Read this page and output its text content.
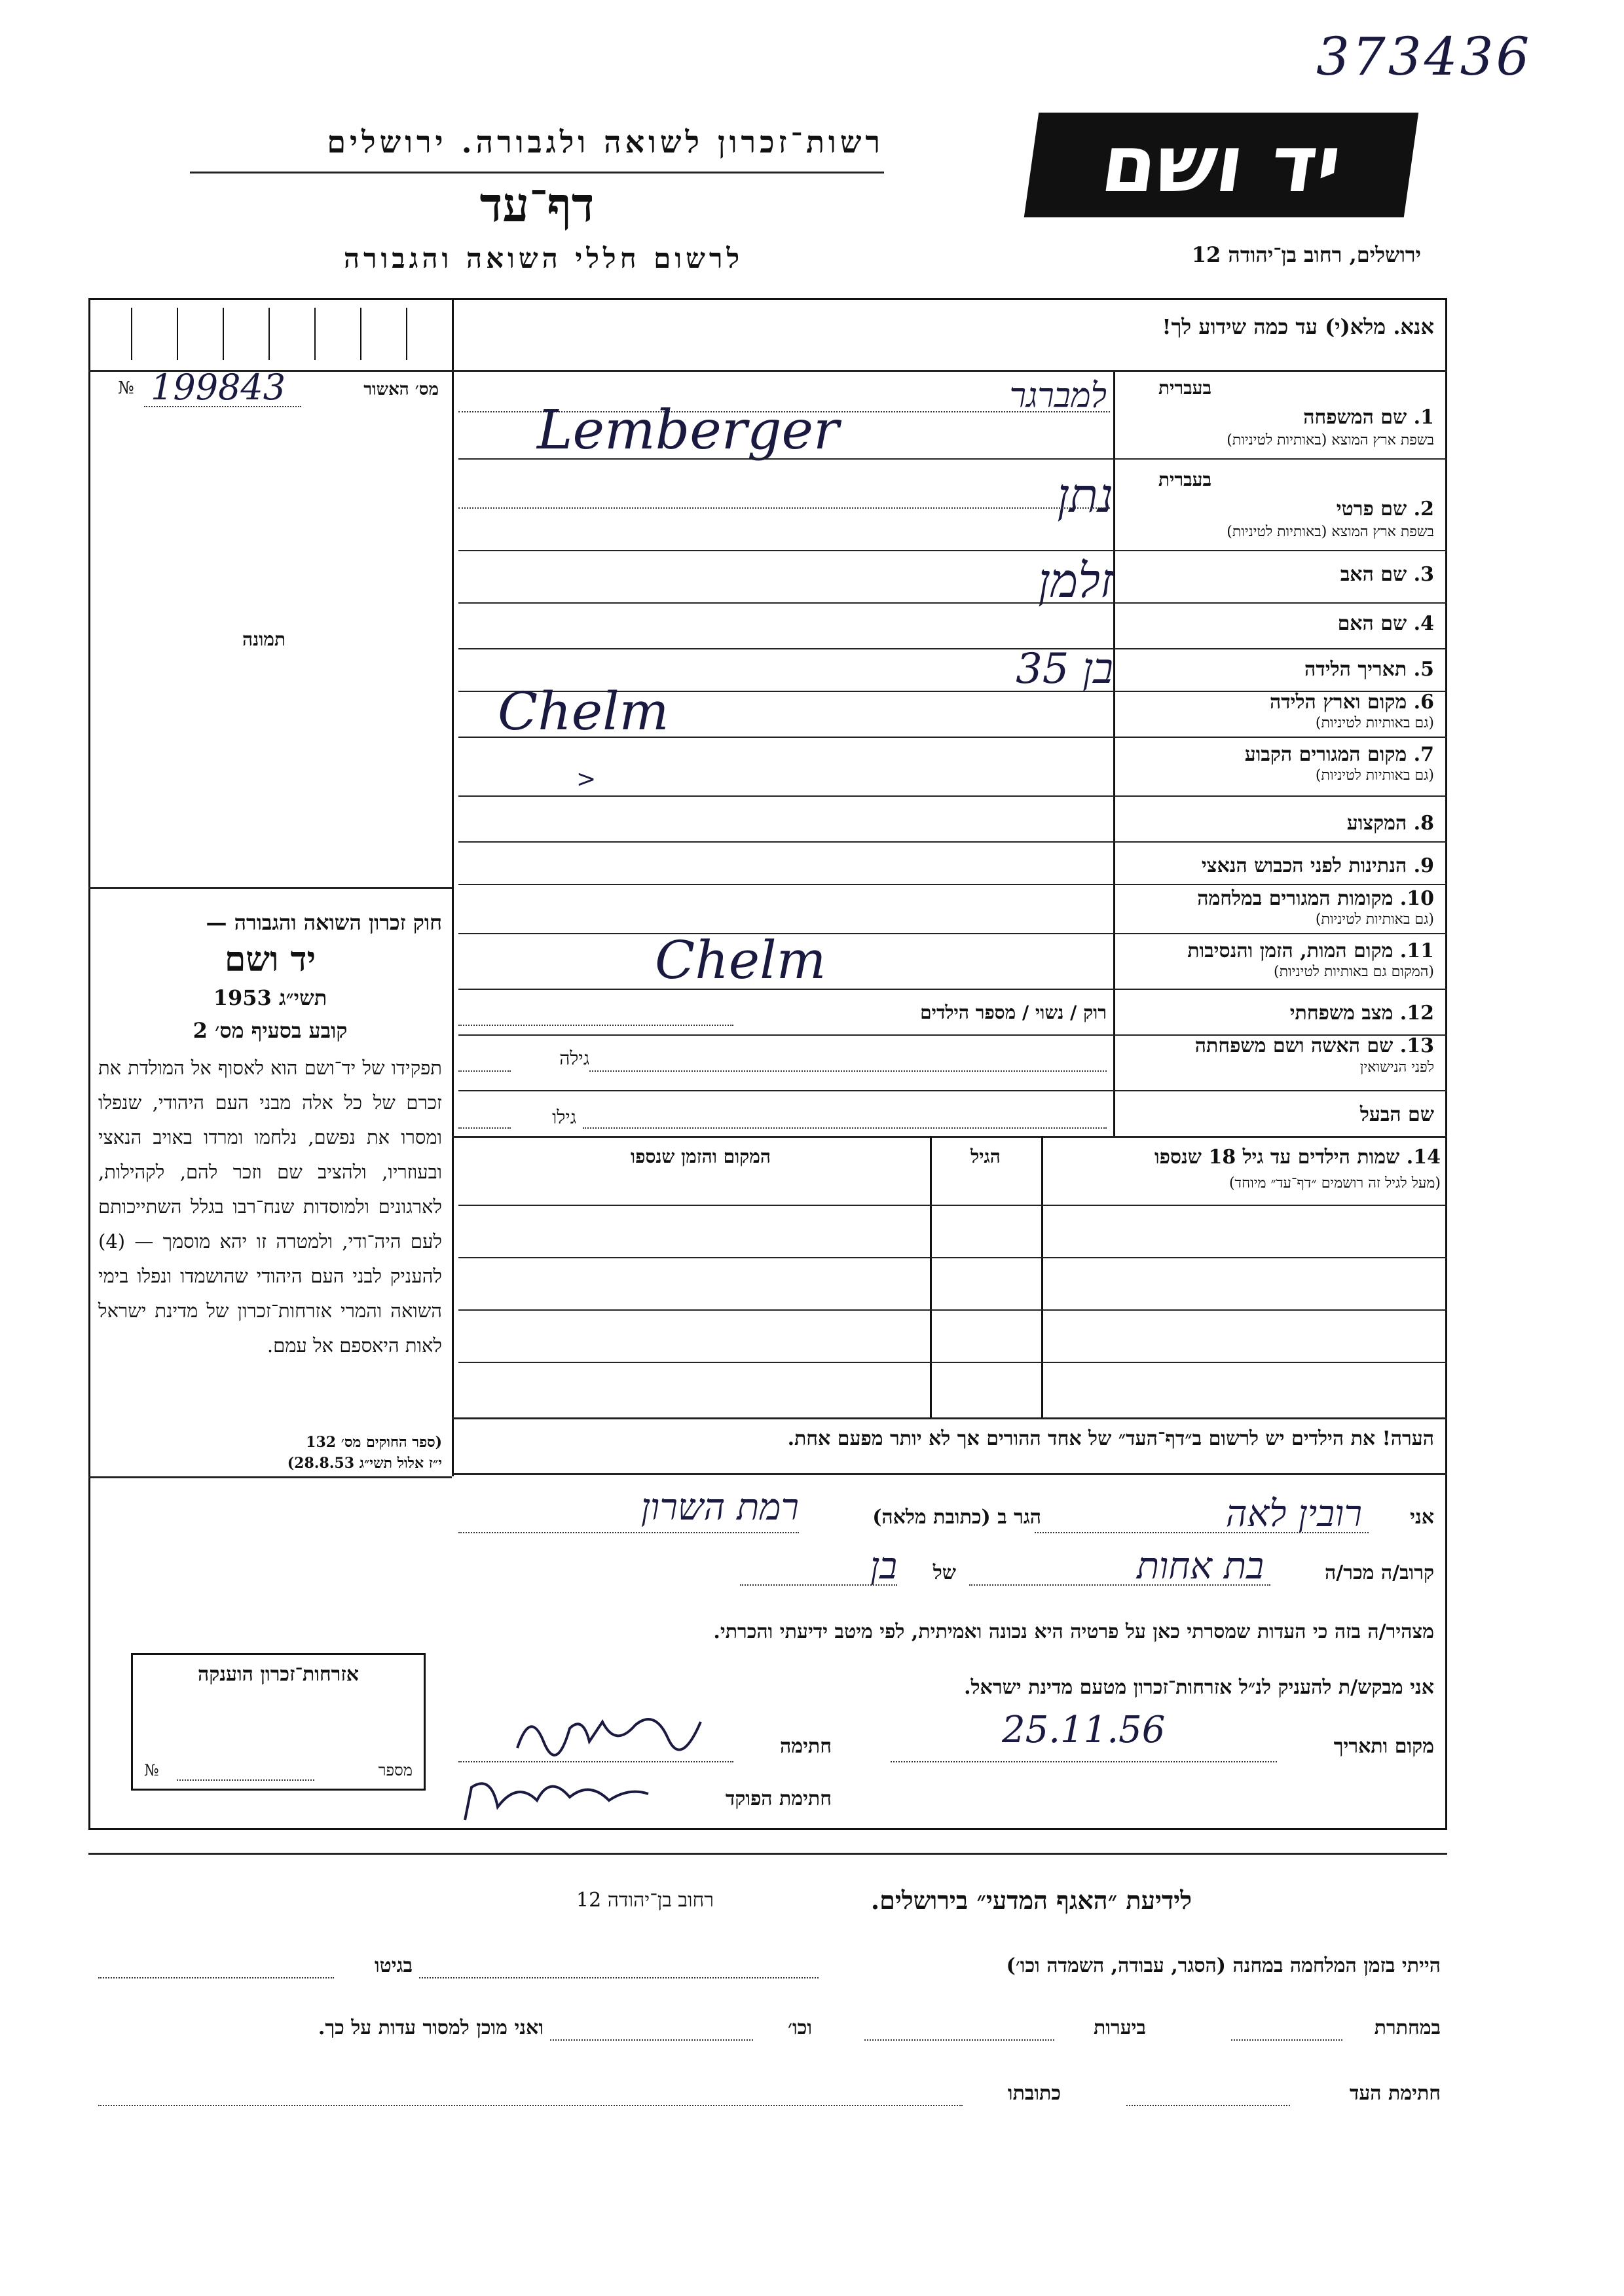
373436
רשות־זכרון לשואה ולגבורה. ירושלים
דף־עד
לרשום חללי השואה והגבורה
יד ושם
ירושלים, רחוב בן־יהודה 12
אנא. מלא(י) עד כמה שידוע לך!
מס׳ האשור
№ 199843
תמונה
חוק זכרון השואה והגבורה —
יד ושם
תשי״ג 1953
קובע בסעיף מס׳ 2
תפקידו של יד־ושם הוא לאסוף אל המולדת את זכרם של כל אלה מבני העם היהודי, שנפלו ומסרו את נפשם, נלחמו ומרדו באויב הנאצי ובעוזריו, ולהציב שם וזכר להם, לקהילות, לארגונים ולמוסדות שנח־רבו בגלל השתייכותם לעם היה־ודי, ולמטרה זו יהא מוסמך — (4) להעניק לבני העם היהודי שהושמדו ונפלו בימי השואה והמרי אזרחות־זכרון של מדינת ישראל לאות היאספם אל עמם.
(ספר החוקים מס׳ 132
י״ז אלול תשי״ג 28.8.53)
בעברית
1. שם המשפחה
בשפת ארץ המוצא (באותיות לטיניות)
למברגר
Lemberger
בעברית
2. שם פרטי
בשפת ארץ המוצא (באותיות לטיניות)
נתן
3. שם האב
זלמן
4. שם האם
5. תאריך הלידה
בן 35
6. מקום וארץ הלידה
(גם באותיות לטיניות)
Chelm
7. מקום המגורים הקבוע
(גם באותיות לטיניות)
>
8. המקצוע
9. הנתינות לפני הכבוש הנאצי
10. מקומות המגורים במלחמה
(גם באותיות לטיניות)
11. מקום המות, הזמן והנסיבות
(המקום גם באותיות לטיניות)
Chelm
12. מצב משפחתי
רוק / נשוי / מספר הילדים
13. שם האשה ושם משפחתה
לפני הנישואין
גילה
שם הבעל
גילו
14. שמות הילדים עד גיל 18 שנספו
(מעל לגיל זה רושמים ״דף־עד״ מיוחד)
הגיל
המקום והזמן שנספו
הערה! את הילדים יש לרשום ב״דף־העד״ של אחד ההורים אך לא יותר מפעם אחת.
אני
רובין לאה
הגר ב (כתובת מלאה)
רמת השרון
קרוב/ה מכר/ה
בת אחות
של
בן
מצהיר/ה בזה כי העדות שמסרתי כאן על פרטיה היא נכונה ואמיתית, לפי מיטב ידיעתי והכרתי.
אני מבקש/ת להעניק לנ״ל אזרחות־זכרון מטעם מדינת ישראל.
מקום ותאריך
25.11.56
חתימה
חתימת הפוקד
אזרחות־זכרון הוענקה
מספר
№
לידיעת ״האגף המדעי״ בירושלים.
רחוב בן־יהודה 12
הייתי בזמן המלחמה במחנה (הסגר, עבודה, השמדה וכו׳)
בגיטו
במחתרת
ביערות
וכו׳
ואני מוכן למסור עדות על כך.
חתימת העד
כתובתו
